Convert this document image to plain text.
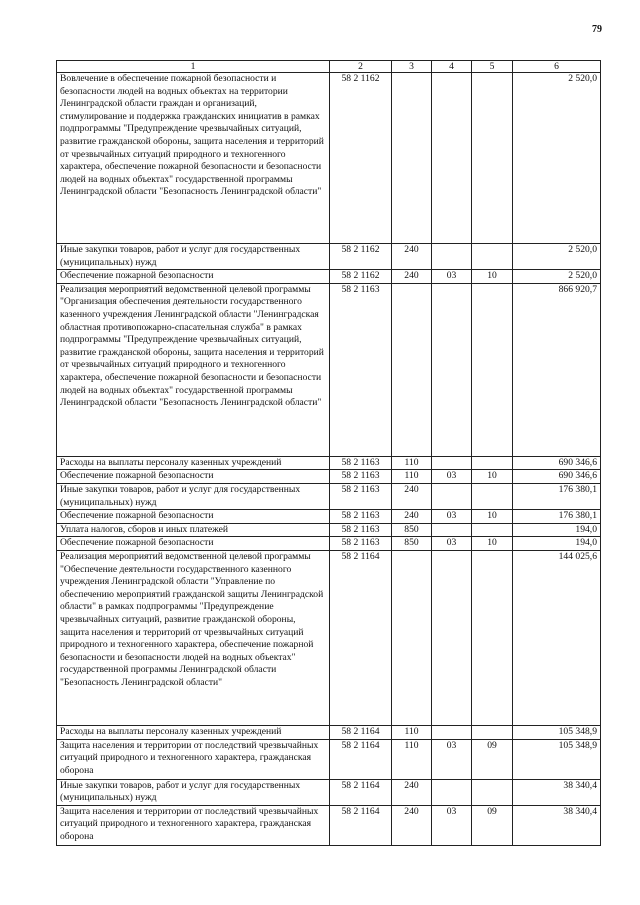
79
1	2	3	4	5	6
Вовлечение в обеспечение пожарной безопасности и безопасности людей на водных объектах на территории Ленинградской области граждан и организаций, стимулирование и поддержка гражданских инициатив в рамках подпрограммы "Предупреждение чрезвычайных ситуаций, развитие гражданской обороны, защита населения и территорий от чрезвычайных ситуаций природного и техногенного характера, обеспечение пожарной безопасности и безопасности людей на водных объектах" государственной программы Ленинградской области "Безопасность Ленинградской области"	58 2 1162				2 520,0
Иные закупки товаров, работ и услуг для государственных (муниципальных) нужд	58 2 1162	240			2 520,0
Обеспечение пожарной безопасности	58 2 1162	240	03	10	2 520,0
Реализация мероприятий ведомственной целевой программы "Организация обеспечения деятельности государственного казенного учреждения Ленинградской области "Ленинградская областная противопожарно-спасательная служба" в рамках подпрограммы "Предупреждение чрезвычайных ситуаций, развитие гражданской обороны, защита населения и территорий от чрезвычайных ситуаций природного и техногенного характера, обеспечение пожарной безопасности и безопасности людей на водных объектах" государственной программы Ленинградской области "Безопасность Ленинградской области"	58 2 1163				866 920,7
Расходы на выплаты персоналу казенных учреждений	58 2 1163	110			690 346,6
Обеспечение пожарной безопасности	58 2 1163	110	03	10	690 346,6
Иные закупки товаров, работ и услуг для государственных (муниципальных) нужд	58 2 1163	240			176 380,1
Обеспечение пожарной безопасности	58 2 1163	240	03	10	176 380,1
Уплата налогов, сборов и иных платежей	58 2 1163	850			194,0
Обеспечение пожарной безопасности	58 2 1163	850	03	10	194,0
Реализация мероприятий ведомственной целевой программы "Обеспечение деятельности государственного казенного учреждения Ленинградской области "Управление по обеспечению мероприятий гражданской защиты Ленинградской области" в рамках подпрограммы "Предупреждение чрезвычайных ситуаций, развитие гражданской обороны, защита населения и территорий от чрезвычайных ситуаций природного и техногенного характера, обеспечение пожарной безопасности и безопасности людей на водных объектах" государственной программы Ленинградской области "Безопасность Ленинградской области"	58 2 1164				144 025,6
Расходы на выплаты персоналу казенных учреждений	58 2 1164	110			105 348,9
Защита населения и территории от последствий чрезвычайных ситуаций природного и техногенного характера, гражданская оборона	58 2 1164	110	03	09	105 348,9
Иные закупки товаров, работ и услуг для государственных (муниципальных) нужд	58 2 1164	240			38 340,4
Защита населения и территории от последствий чрезвычайных ситуаций природного и техногенного характера, гражданская оборона	58 2 1164	240	03	09	38 340,4
